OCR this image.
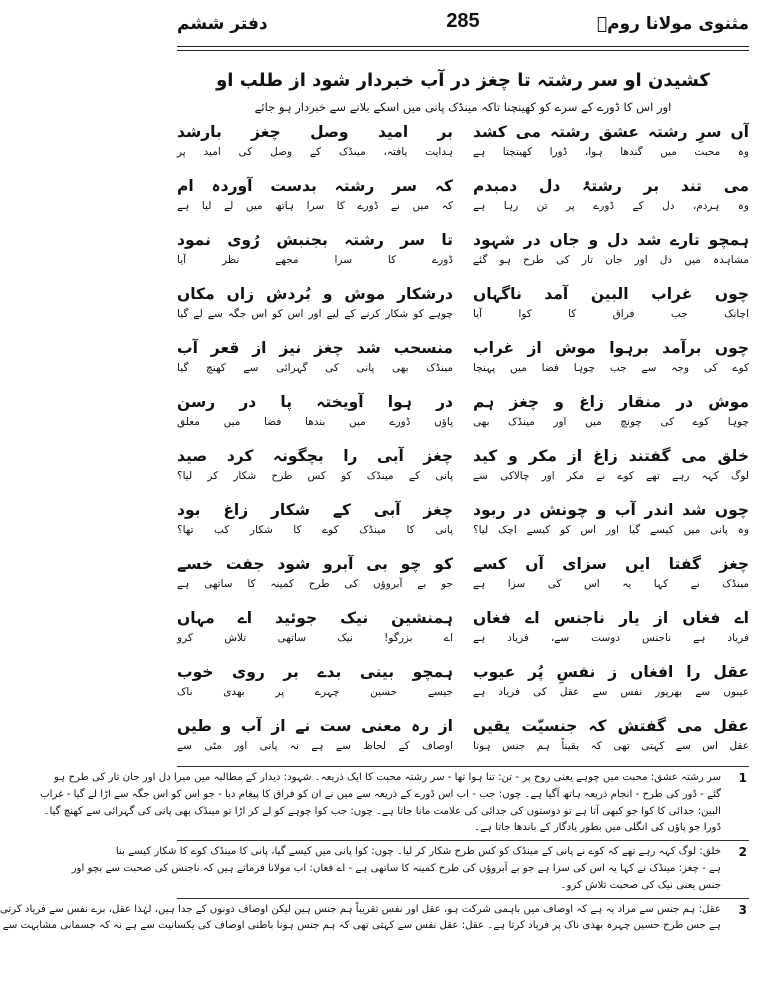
مثنوی مولانا رومؒ
285
دفتر ششم
کشیدن او سر رشتہ تا چغز در آب خبردار شود از طلب او
اور اس کا ڈورے کے سرے کو کھینچنا تاکہ مینڈک پانی میں اسکے بلانے سے خبردار ہو جائے
آں سرِ رشتہ عشق رشتہ می کشد
وہ محبت میں گندھا ہوا، ڈورا کھینچتا ہے
می تند بر رشتۂ دل دمبدم
وہ ہردم، دل کے ڈورے پر تن رہا ہے
ہمچو تارے شد دل و جاں در شہود
مشاہدہ میں دل اور جان تار کی طرح ہو گئے
چوں غراب البین آمد ناگہاں
اچانک جب فراق کا کوا آیا
چوں برآمد برہوا موش از غراب
کوے کی وجہ سے جب چوہا فضا میں پہنچا
موش در منقار زاغ و چغز ہم
چوہا کوے کی چونچ میں اور مینڈک بھی
خلق می گفتند زاغ از مکر و کید
لوگ کہہ رہے تھے کوے نے مکر اور چالاکی سے
چوں شد اندر آب و چونش در ربود
وہ پانی میں کیسے گیا اور اس کو کیسے اچک لیا؟
چغز گفتا ایں سزای آں کسے
مینڈک نے کہا یہ اس کی سزا ہے
اے فغاں از یار ناجنس اے فغاں
فریاد ہے ناجنس دوست سے، فریاد ہے
عقل را افغاں ز نفسِ پُر عیوب
عیبوں سے بھرپور نفس سے عقل کی فریاد ہے
عقل می گفتش کہ جنسیّت یقیں
عقل اس سے کہتی تھی کہ یقیناً ہم جنس ہونا
بر امید وصل چغز بارشد
ہدایت یافتہ، مینڈک کے وصل کی امید پر
کہ سر رشتہ بدست آوردہ ام
کہ میں نے ڈورے کا سرا ہاتھ میں لے لیا ہے
تا سر رشتہ بجنبش رُوی نمود
ڈورے کا سرا مجھے نظر آیا
درشکار موش و بُردش زاں مکاں
چوہے کو شکار کرنے کے لیے اور اس کو اس جگہ سے لے گیا
منسحب شد چغز نیز از قعر آب
مینڈک بھی پانی کی گہرائی سے کھنچ گیا
در ہوا آویختہ پا در رسن
پاؤں ڈورے میں بندھا فضا میں معلق
چغز آبی را بچگونہ کرد صید
پانی کے مینڈک کو کس طرح شکار کر لیا؟
چغز آبی کے شکار زاغ بود
پانی کا مینڈک کوے کا شکار کب تھا؟
کو چو بی آبرو شود جفت خسے
جو بے آبروؤں کی طرح کمینہ کا ساتھی ہے
ہمنشین نیک جوئید اے مہاں
اے بزرگو! نیک ساتھی تلاش کرو
ہمچو بینی بدے بر روی خوب
جیسے حسین چہرے پر بھدی ناک
از رہ معنی ست نے از آب و طیں
اوصاف کے لحاظ سے ہے نہ پانی اور مٹی سے
1
سر رشتہ عشق: محبت میں چوہے یعنی روح پر - تن: تنا ہوا تھا - سر رشتہ محبت کا ایک ذریعہ۔ شہود: دیدار کے مطالبہ میں میرا دل اور جان تار کی طرح ہو
گئے - ڈور کی طرح - انجام ذریعہ ہاتھ آگیا ہے۔ چوں: جب - اب اس ڈورے کے ذریعہ سے میں نے ان کو فراق کا پیغام دیا - جو اس کو اس جگہ سے اڑا لے گیا - غراب
البین: جدائی کا کوا جو کبھی آتا ہے تو دوستوں کی جدائی کی علامت مانا جاتا ہے۔ چوں: جب کوا چوہے کو لے کر اڑا تو مینڈک بھی پانی کی گہرائی سے کھنچ گیا۔
ڈورا جو پاؤں کی انگلی میں بطور یادگار کے باندھا جاتا ہے۔
2
خلق: لوگ کہہ رہے تھے کہ کوے نے پانی کے مینڈک کو کس طرح شکار کر لیا۔ چوں: کوا پانی میں کیسے گیا، پانی کا مینڈک کوے کا شکار کیسے بنا
ہے - چغز: مینڈک نے کہا یہ اس کی سزا ہے جو بے آبروؤں کی طرح کمینہ کا ساتھی ہے - اے فغاں: اب مولانا فرماتے ہیں کہ ناجنس کی صحبت سے بچو اور
جنس یعنی نیک کی صحبت تلاش کرو۔
3
عقل: ہم جنس سے مراد یہ ہے کہ اوصاف میں باہمی شرکت ہو، عقل اور نفس تقریباً ہم جنس ہیں لیکن اوصاف دونوں کے جدا ہیں، لہٰذا عقل، برے نفس سے فریاد کرتی
ہے جس طرح حسین چہرہ بھدی ناک پر فریاد کرتا ہے۔ عقل: عقل نفس سے کہتی تھی کہ ہم جنس ہونا باطنی اوصاف کی یکسانیت سے ہے نہ کہ جسمانی مشابہت سے
